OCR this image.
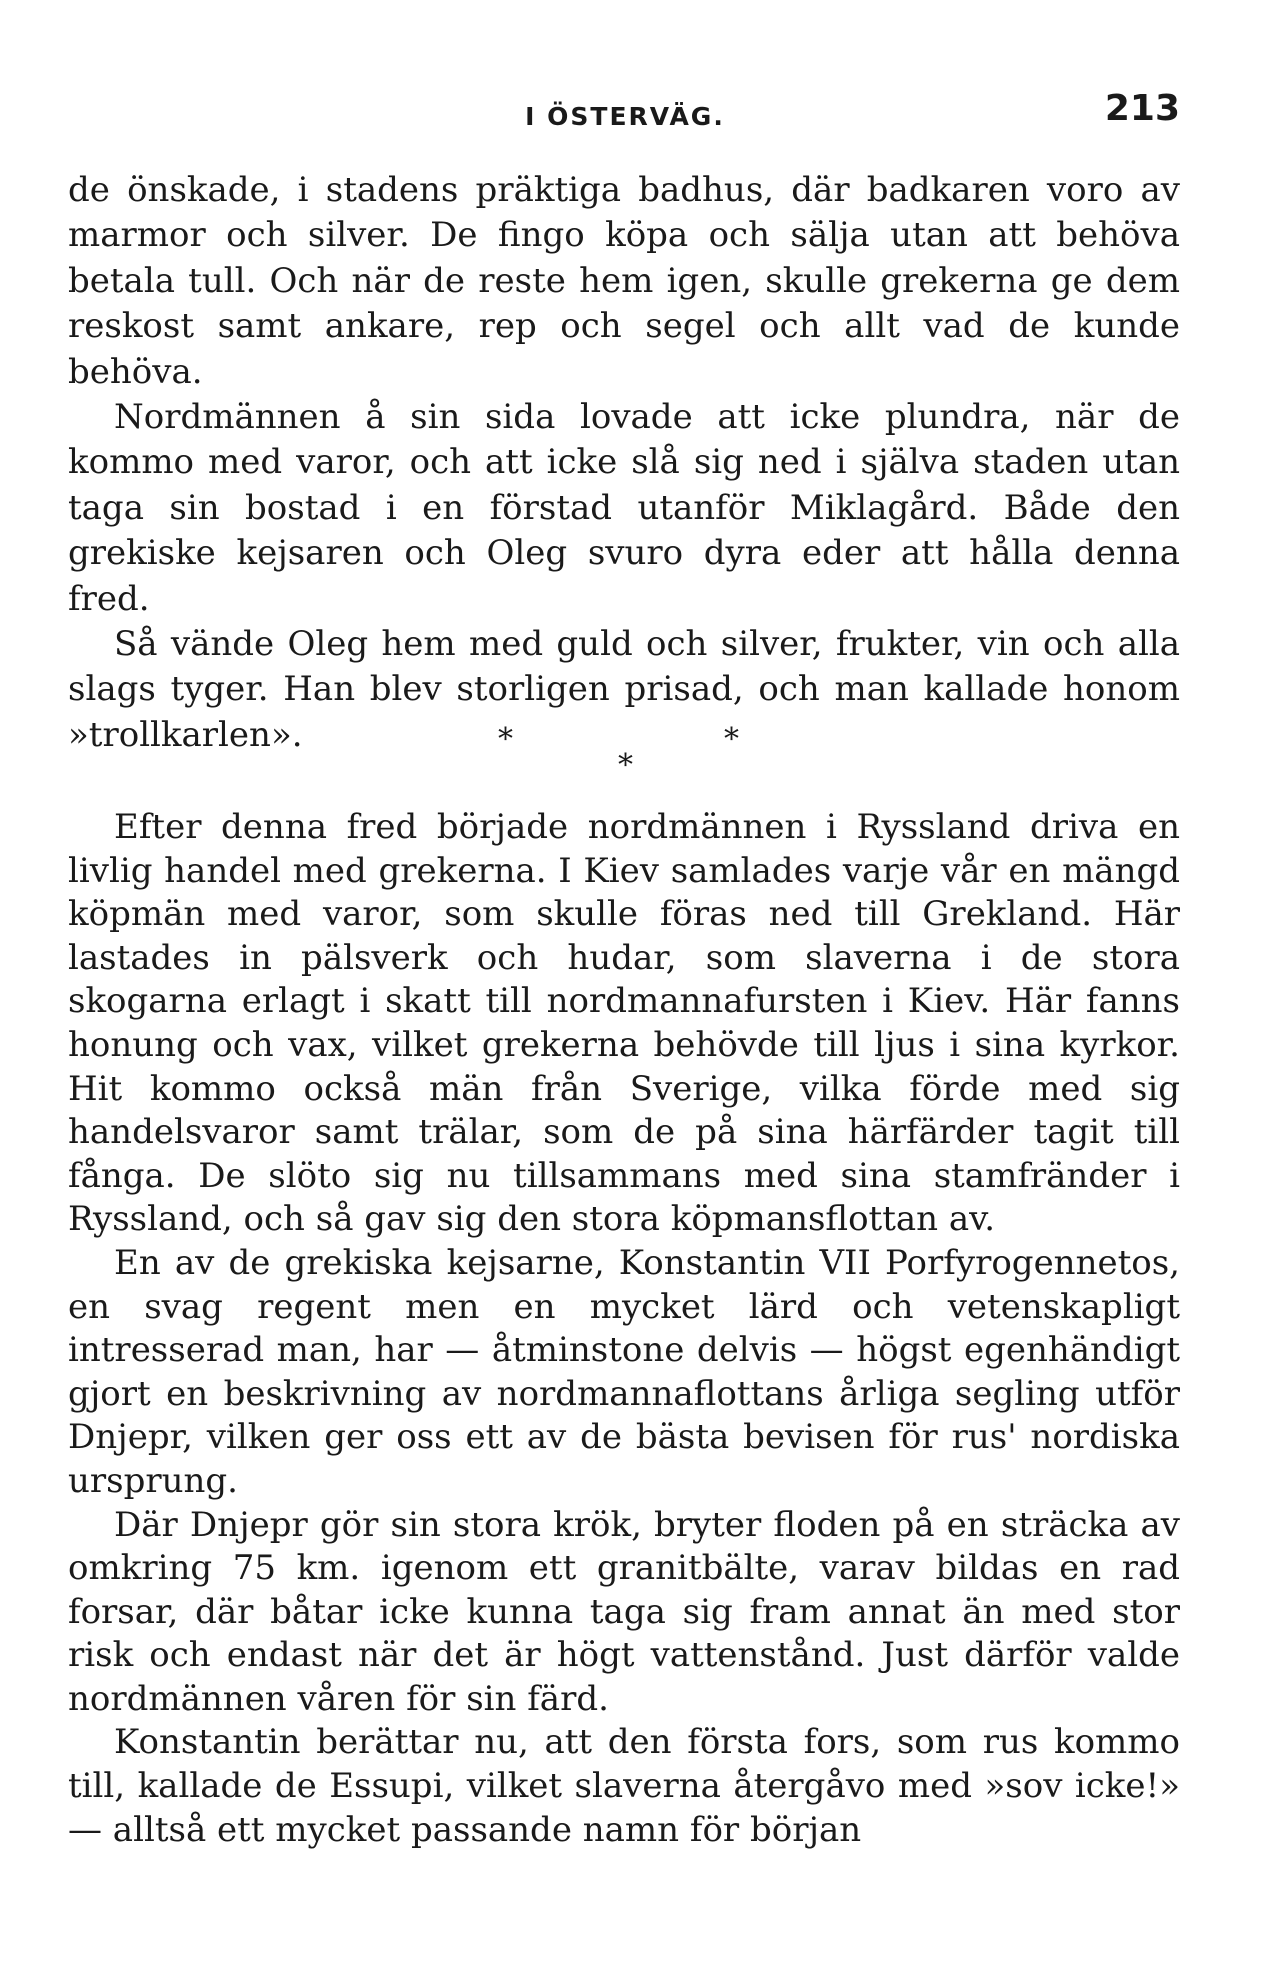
I ÖSTERVÄG.	213

de önskade, i stadens präktiga badhus, där badkaren voro av marmor och silver. De fingo köpa och sälja utan att behöva betala tull. Och när de reste hem igen, skulle grekerna ge dem reskost samt ankare, rep och segel och allt vad de kunde behöva.

Nordmännen å sin sida lovade att icke plundra, när de kommo med varor, och att icke slå sig ned i själva staden utan taga sin bostad i en förstad utanför Miklagård. Både den grekiske kejsaren och Oleg svuro dyra eder att hålla denna fred.

Så vände Oleg hem med guld och silver, frukter, vin och alla slags tyger. Han blev storligen prisad, och man kallade honom »trollkarlen».	*
*
*

Efter denna fred började nordmännen i Ryssland driva en livlig handel med grekerna. I Kiev samlades varje vår en mängd köpmän med varor, som skulle föras ned till Grekland. Här lastades in pälsverk och hudar, som slaverna i de stora skogarna erlagt i skatt till nordmannafursten i Kiev. Här fanns honung och vax, vilket grekerna behövde till ljus i sina kyrkor. Hit kommo också män från Sverige, vilka förde med sig handelsvaror samt trälar, som de på sina härfärder tagit till fånga. De slöto sig nu tillsammans med sina stamfränder i Ryssland, och så gav sig den stora köpmansflottan av.

En av de grekiska kejsarne, Konstantin VII Porfyrogennetos, en svag regent men en mycket lärd och vetenskapligt intresserad man, har — åtminstone delvis — högst egenhändigt gjort en beskrivning av nordmannaflottans årliga segling utför Dnjepr, vilken ger oss ett av de bästa bevisen för rus' nordiska ursprung.

Där Dnjepr gör sin stora krök, bryter floden på en sträcka av omkring 75 km. igenom ett granitbälte, varav bildas en rad forsar, där båtar icke kunna taga sig fram annat än med stor risk och endast när det är högt vattenstånd. Just därför valde nordmännen våren för sin färd.

Konstantin berättar nu, att den första fors, som rus kommo till, kallade de Essupi, vilket slaverna återgåvo med »sov icke!» — alltså ett mycket passande namn för början
